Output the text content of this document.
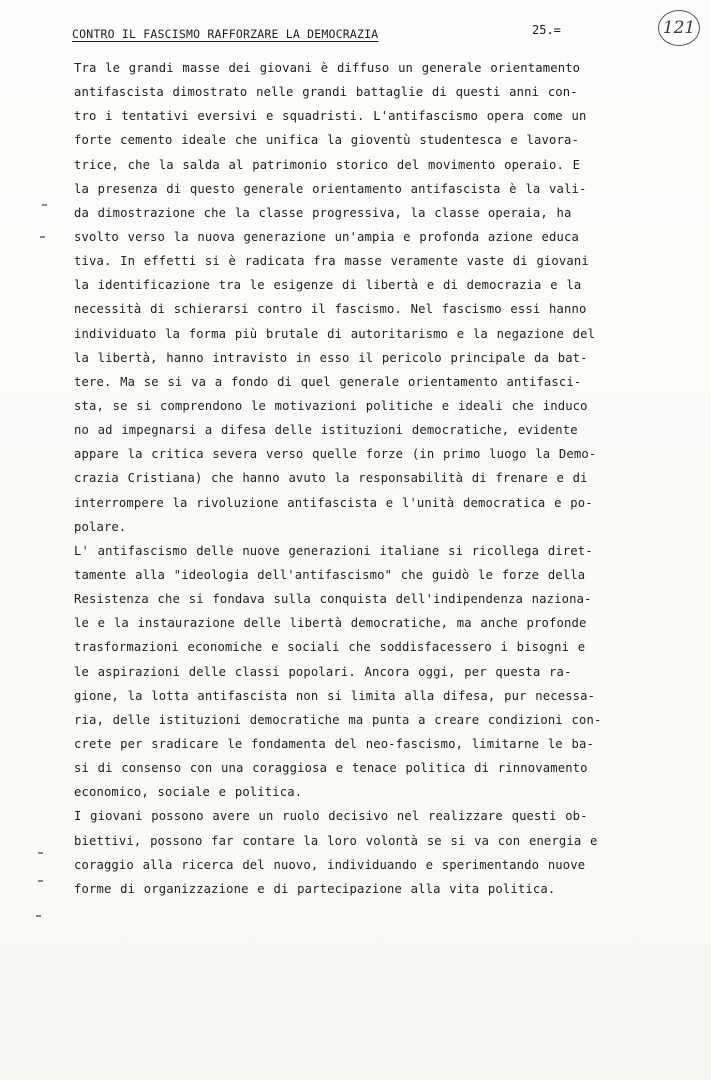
CONTRO IL FASCISMO RAFFORZARE LA DEMOCRAZIA	25.=	121
Tra le grandi masse dei giovani è diffuso un generale orientamento
antifascista dimostrato nelle grandi battaglie di questi anni con-
tro i tentativi eversivi e squadristi. L'antifascismo opera come un
forte cemento ideale che unifica la gioventù studentesca e lavora-
trice, che la salda al patrimonio storico del movimento operaio. E
la presenza di questo generale orientamento antifascista è la vali-
da dimostrazione che la classe progressiva, la classe operaia, ha
svolto verso la nuova generazione un'ampia e profonda azione educa
tiva. In effetti si è radicata fra masse veramente vaste di giovani
la identificazione tra le esigenze di libertà e di democrazia e la
necessità di schierarsi contro il fascismo. Nel fascismo essi hanno
individuato la forma più brutale di autoritarismo e la negazione del
la libertà, hanno intravisto in esso il pericolo principale da bat-
tere. Ma se si va a fondo di quel generale orientamento antifasci-
sta, se si comprendono le motivazioni politiche e ideali che induco
no ad impegnarsi a difesa delle istituzioni democratiche, evidente
appare la critica severa verso quelle forze (in primo luogo la Demo-
crazia Cristiana) che hanno avuto la responsabilità di frenare e di
interrompere la rivoluzione antifascista e l'unità democratica e po-
polare.
L' antifascismo delle nuove generazioni italiane si ricollega diret-
tamente alla "ideologia dell'antifascismo" che guidò le forze della
Resistenza che si fondava sulla conquista dell'indipendenza naziona-
le e la instaurazione delle libertà democratiche, ma anche profonde
trasformazioni economiche e sociali che soddisfacessero i bisogni e
le aspirazioni delle classi popolari. Ancora oggi, per questa ra-
gione, la lotta antifascista non si limita alla difesa, pur necessa-
ria, delle istituzioni democratiche ma punta a creare condizioni con-
crete per sradicare le fondamenta del neo-fascismo, limitarne le ba-
si di consenso con una coraggiosa e tenace politica di rinnovamento
economico, sociale e politica.
I giovani possono avere un ruolo decisivo nel realizzare questi ob-
biettivi, possono far contare la loro volontà se si va con energia e
coraggio alla ricerca del nuovo, individuando e sperimentando nuove
forme di organizzazione e di partecipazione alla vita politica.
